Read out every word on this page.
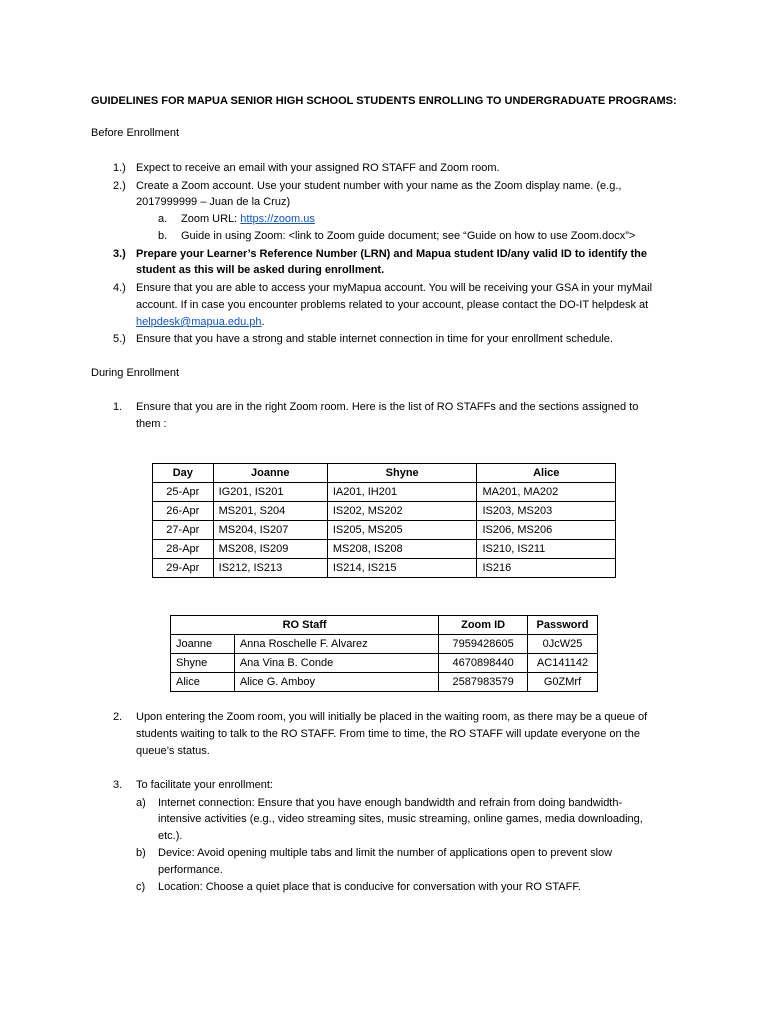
GUIDELINES FOR MAPUA SENIOR HIGH SCHOOL STUDENTS ENROLLING TO UNDERGRADUATE PROGRAMS:
Before Enrollment
1.) Expect to receive an email with your assigned RO STAFF and Zoom room.
2.) Create a Zoom account. Use your student number with your name as the Zoom display name. (e.g.,
2017999999 – Juan de la Cruz)
a. Zoom URL: https://zoom.us
b. Guide in using Zoom: <link to Zoom guide document; see “Guide on how to use Zoom.docx”>
3.) Prepare your Learner’s Reference Number (LRN) and Mapua student ID/any valid ID to identify the
student as this will be asked during enrollment.
4.) Ensure that you are able to access your myMapua account. You will be receiving your GSA in your myMail
account. If in case you encounter problems related to your account, please contact the DO-IT helpdesk at
helpdesk@mapua.edu.ph.
5.) Ensure that you have a strong and stable internet connection in time for your enrollment schedule.
During Enrollment
1. Ensure that you are in the right Zoom room. Here is the list of RO STAFFs and the sections assigned to
them :
Day	Joanne	Shyne	Alice
25-Apr	IG201, IS201	IA201, IH201	MA201, MA202
26-Apr	MS201, S204	IS202, MS202	IS203, MS203
27-Apr	MS204, IS207	IS205, MS205	IS206, MS206
28-Apr	MS208, IS209	MS208, IS208	IS210, IS211
29-Apr	IS212, IS213	IS214, IS215	IS216
RO Staff		Zoom ID	Password
Joanne	Anna Roschelle F. Alvarez	7959428605	0JcW25
Shyne	Ana Vina B. Conde	4670898440	AC141142
Alice	Alice G. Amboy	2587983579	G0ZMrf
2. Upon entering the Zoom room, you will initially be placed in the waiting room, as there may be a queue of
students waiting to talk to the RO STAFF. From time to time, the RO STAFF will update everyone on the
queue’s status.
3. To facilitate your enrollment:
a) Internet connection: Ensure that you have enough bandwidth and refrain from doing bandwidth-
intensive activities (e.g., video streaming sites, music streaming, online games, media downloading,
etc.).
b) Device: Avoid opening multiple tabs and limit the number of applications open to prevent slow
performance.
c) Location: Choose a quiet place that is conducive for conversation with your RO STAFF.
